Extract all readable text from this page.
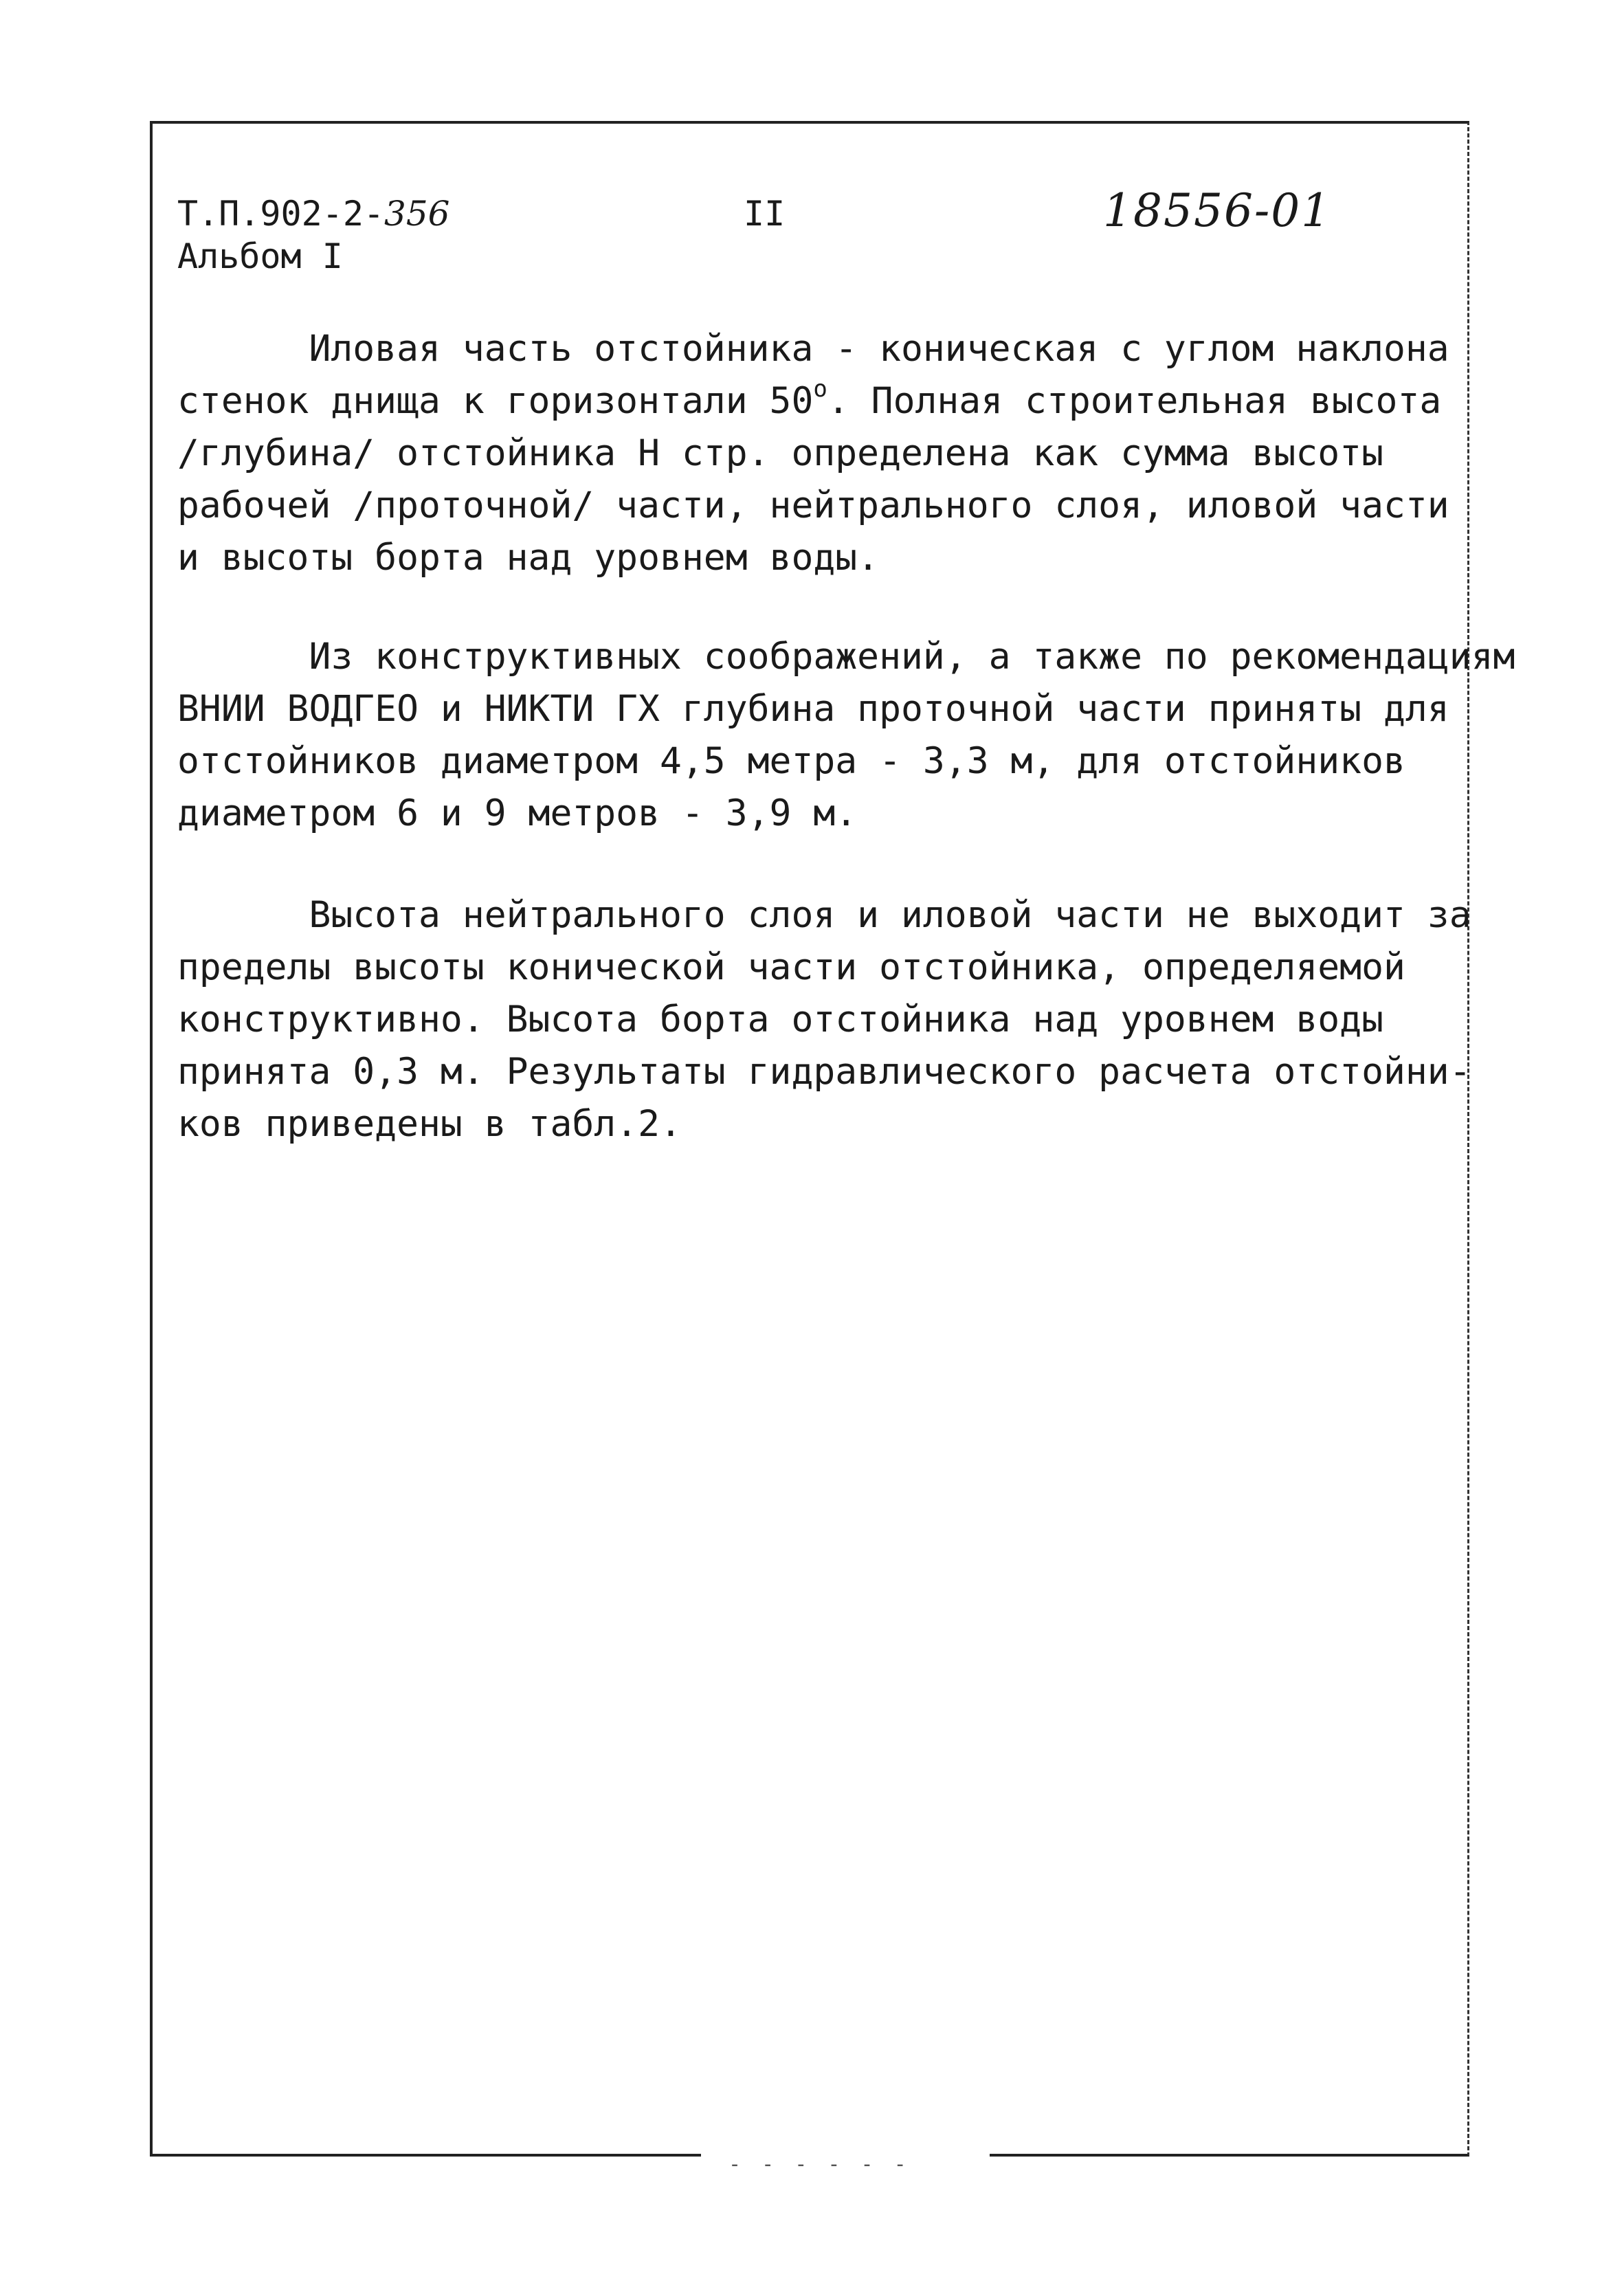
- - - - - -
Т.П.902-2-356
Альбом I
II	18556-01
Иловая часть отстойника - коническая с углом наклона
стенок днища к горизонтали $50^о$. Полная строительная высота
/глубина/ отстойника Н стр. определена как сумма высоты
рабочей /проточной/ части, нейтрального слоя, иловой части
и высоты борта над уровнем воды.
Из конструктивных соображений, а также по рекомендациям
ВНИИ ВОДГЕО и НИКТИ ГХ глубина проточной части приняты для
отстойников диаметром 4,5 метра - 3,3 м, для отстойников
диаметром 6 и 9 метров - 3,9 м.
Высота нейтрального слоя и иловой части не выходит за
пределы высоты конической части отстойника, определяемой
конструктивно. Высота борта отстойника над уровнем воды
принята 0,3 м. Результаты гидравлического расчета отстойни-
ков приведены в табл.2.
